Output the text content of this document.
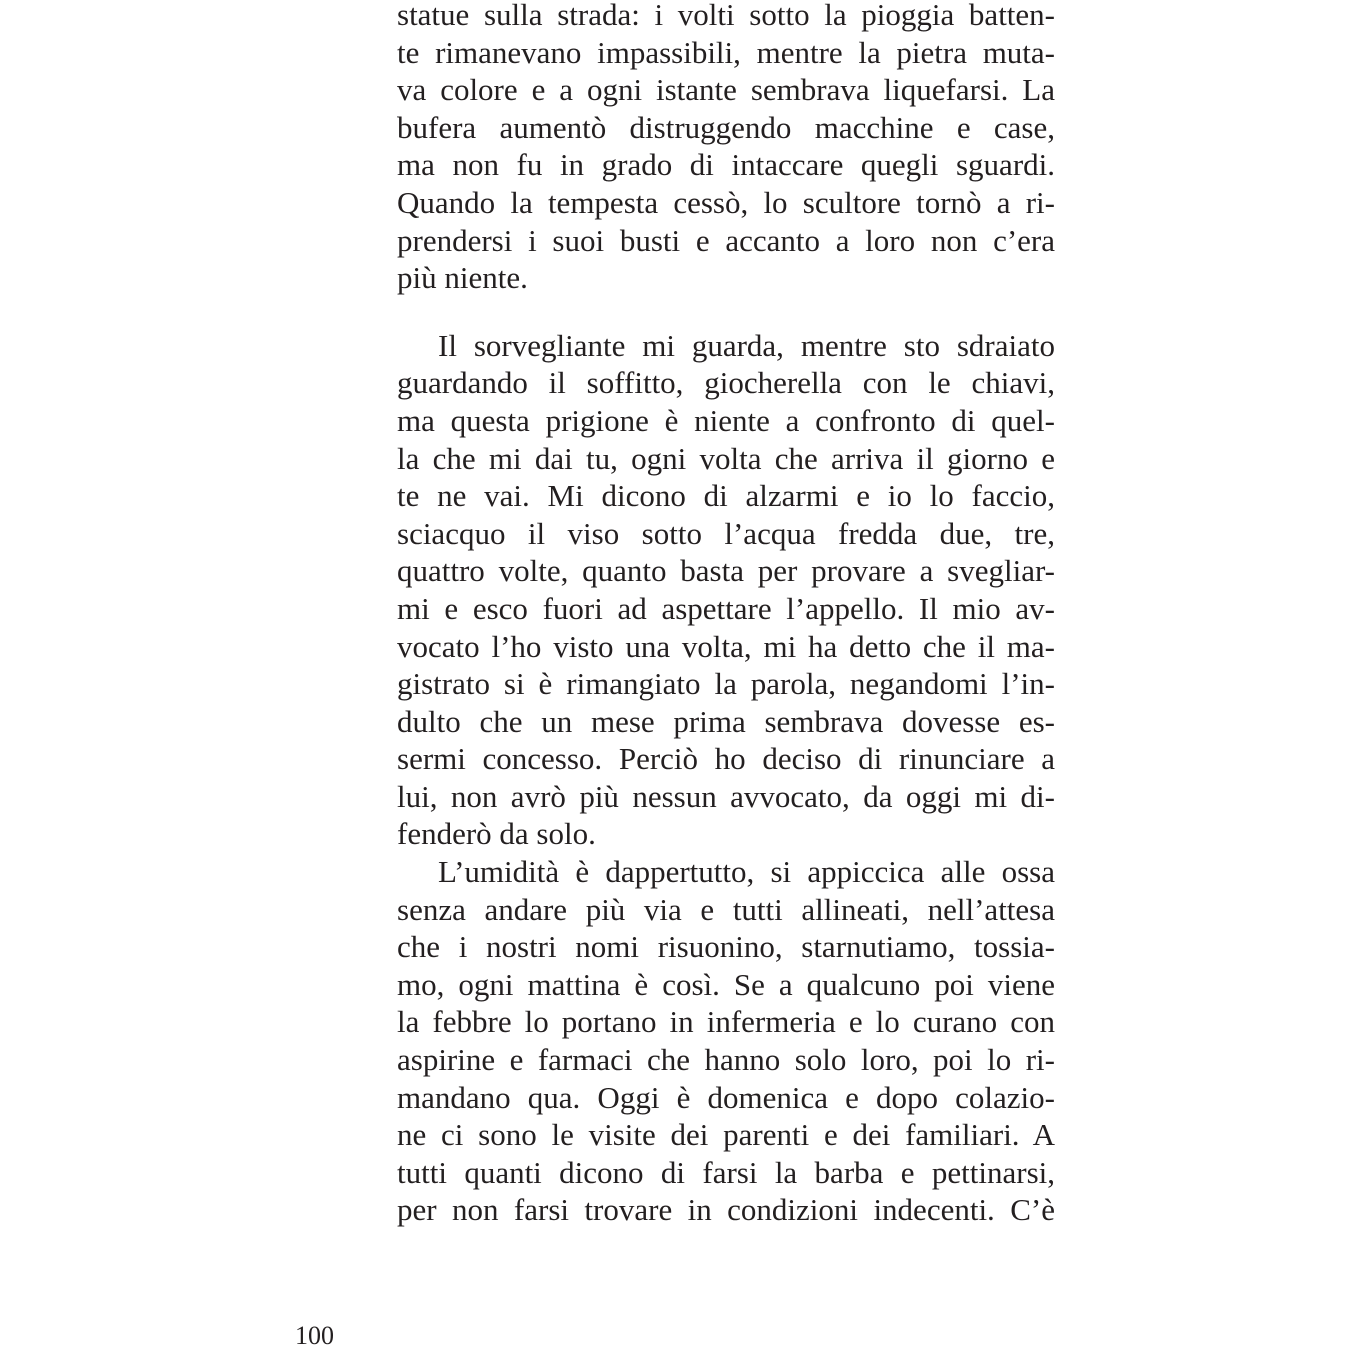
statue sulla strada: i volti sotto la pioggia batten-
te rimanevano impassibili, mentre la pietra muta-
va colore e a ogni istante sembrava liquefarsi. La
bufera aumentò distruggendo macchine e case,
ma non fu in grado di intaccare quegli sguardi.
Quando la tempesta cessò, lo scultore tornò a ri-
prendersi i suoi busti e accanto a loro non c’era
più niente.
Il sorvegliante mi guarda, mentre sto sdraiato
guardando il soffitto, giocherella con le chiavi,
ma questa prigione è niente a confronto di quel-
la che mi dai tu, ogni volta che arriva il giorno e
te ne vai. Mi dicono di alzarmi e io lo faccio,
sciacquo il viso sotto l’acqua fredda due, tre,
quattro volte, quanto basta per provare a svegliar-
mi e esco fuori ad aspettare l’appello. Il mio av-
vocato l’ho visto una volta, mi ha detto che il ma-
gistrato si è rimangiato la parola, negandomi l’in-
dulto che un mese prima sembrava dovesse es-
sermi concesso. Perciò ho deciso di rinunciare a
lui, non avrò più nessun avvocato, da oggi mi di-
fenderò da solo.
L’umidità è dappertutto, si appiccica alle ossa
senza andare più via e tutti allineati, nell’attesa
che i nostri nomi risuonino, starnutiamo, tossia-
mo, ogni mattina è così. Se a qualcuno poi viene
la febbre lo portano in infermeria e lo curano con
aspirine e farmaci che hanno solo loro, poi lo ri-
mandano qua. Oggi è domenica e dopo colazio-
ne ci sono le visite dei parenti e dei familiari. A
tutti quanti dicono di farsi la barba e pettinarsi,
per non farsi trovare in condizioni indecenti. C’è
100
